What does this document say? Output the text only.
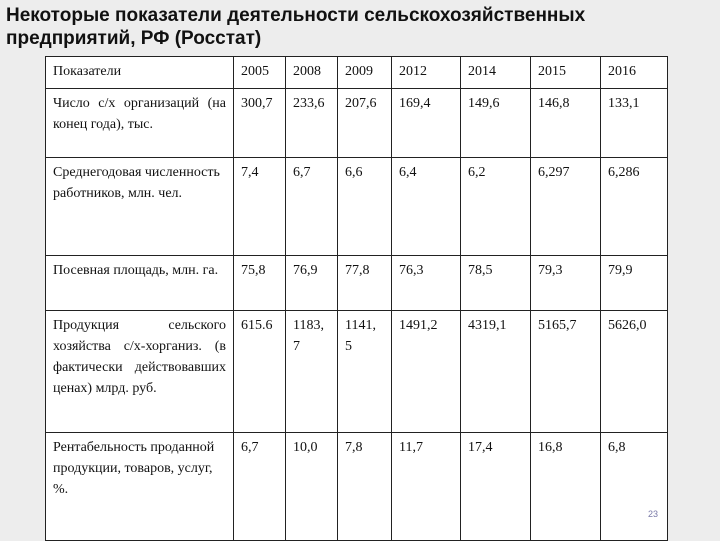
Некоторые показатели деятельности сельскохозяйственных предприятий, РФ (Росстат)
Показатели	2005	2008	2009	2012	2014	2015	2016
Число с/х организаций (на конец года), тыс.	300,7	233,6	207,6	169,4	149,6	146,8	133,1
Среднегодовая численность работников, млн. чел.	7,4	6,7	6,6	6,4	6,2	6,297	6,286
Посевная площадь, млн. га.	75,8	76,9	77,8	76,3	78,5	79,3	79,9
Продукция сельского хозяйства с/х-хорганиз. (в фактически действовавших ценах) млрд. руб.	615.6	1183, 7	1141, 5	1491,2	4319,1	5165,7	5626,0
Рентабельность проданной продукции, товаров, услуг, %.	6,7	10,0	7,8	11,7	17,4	16,8	6,8
23
